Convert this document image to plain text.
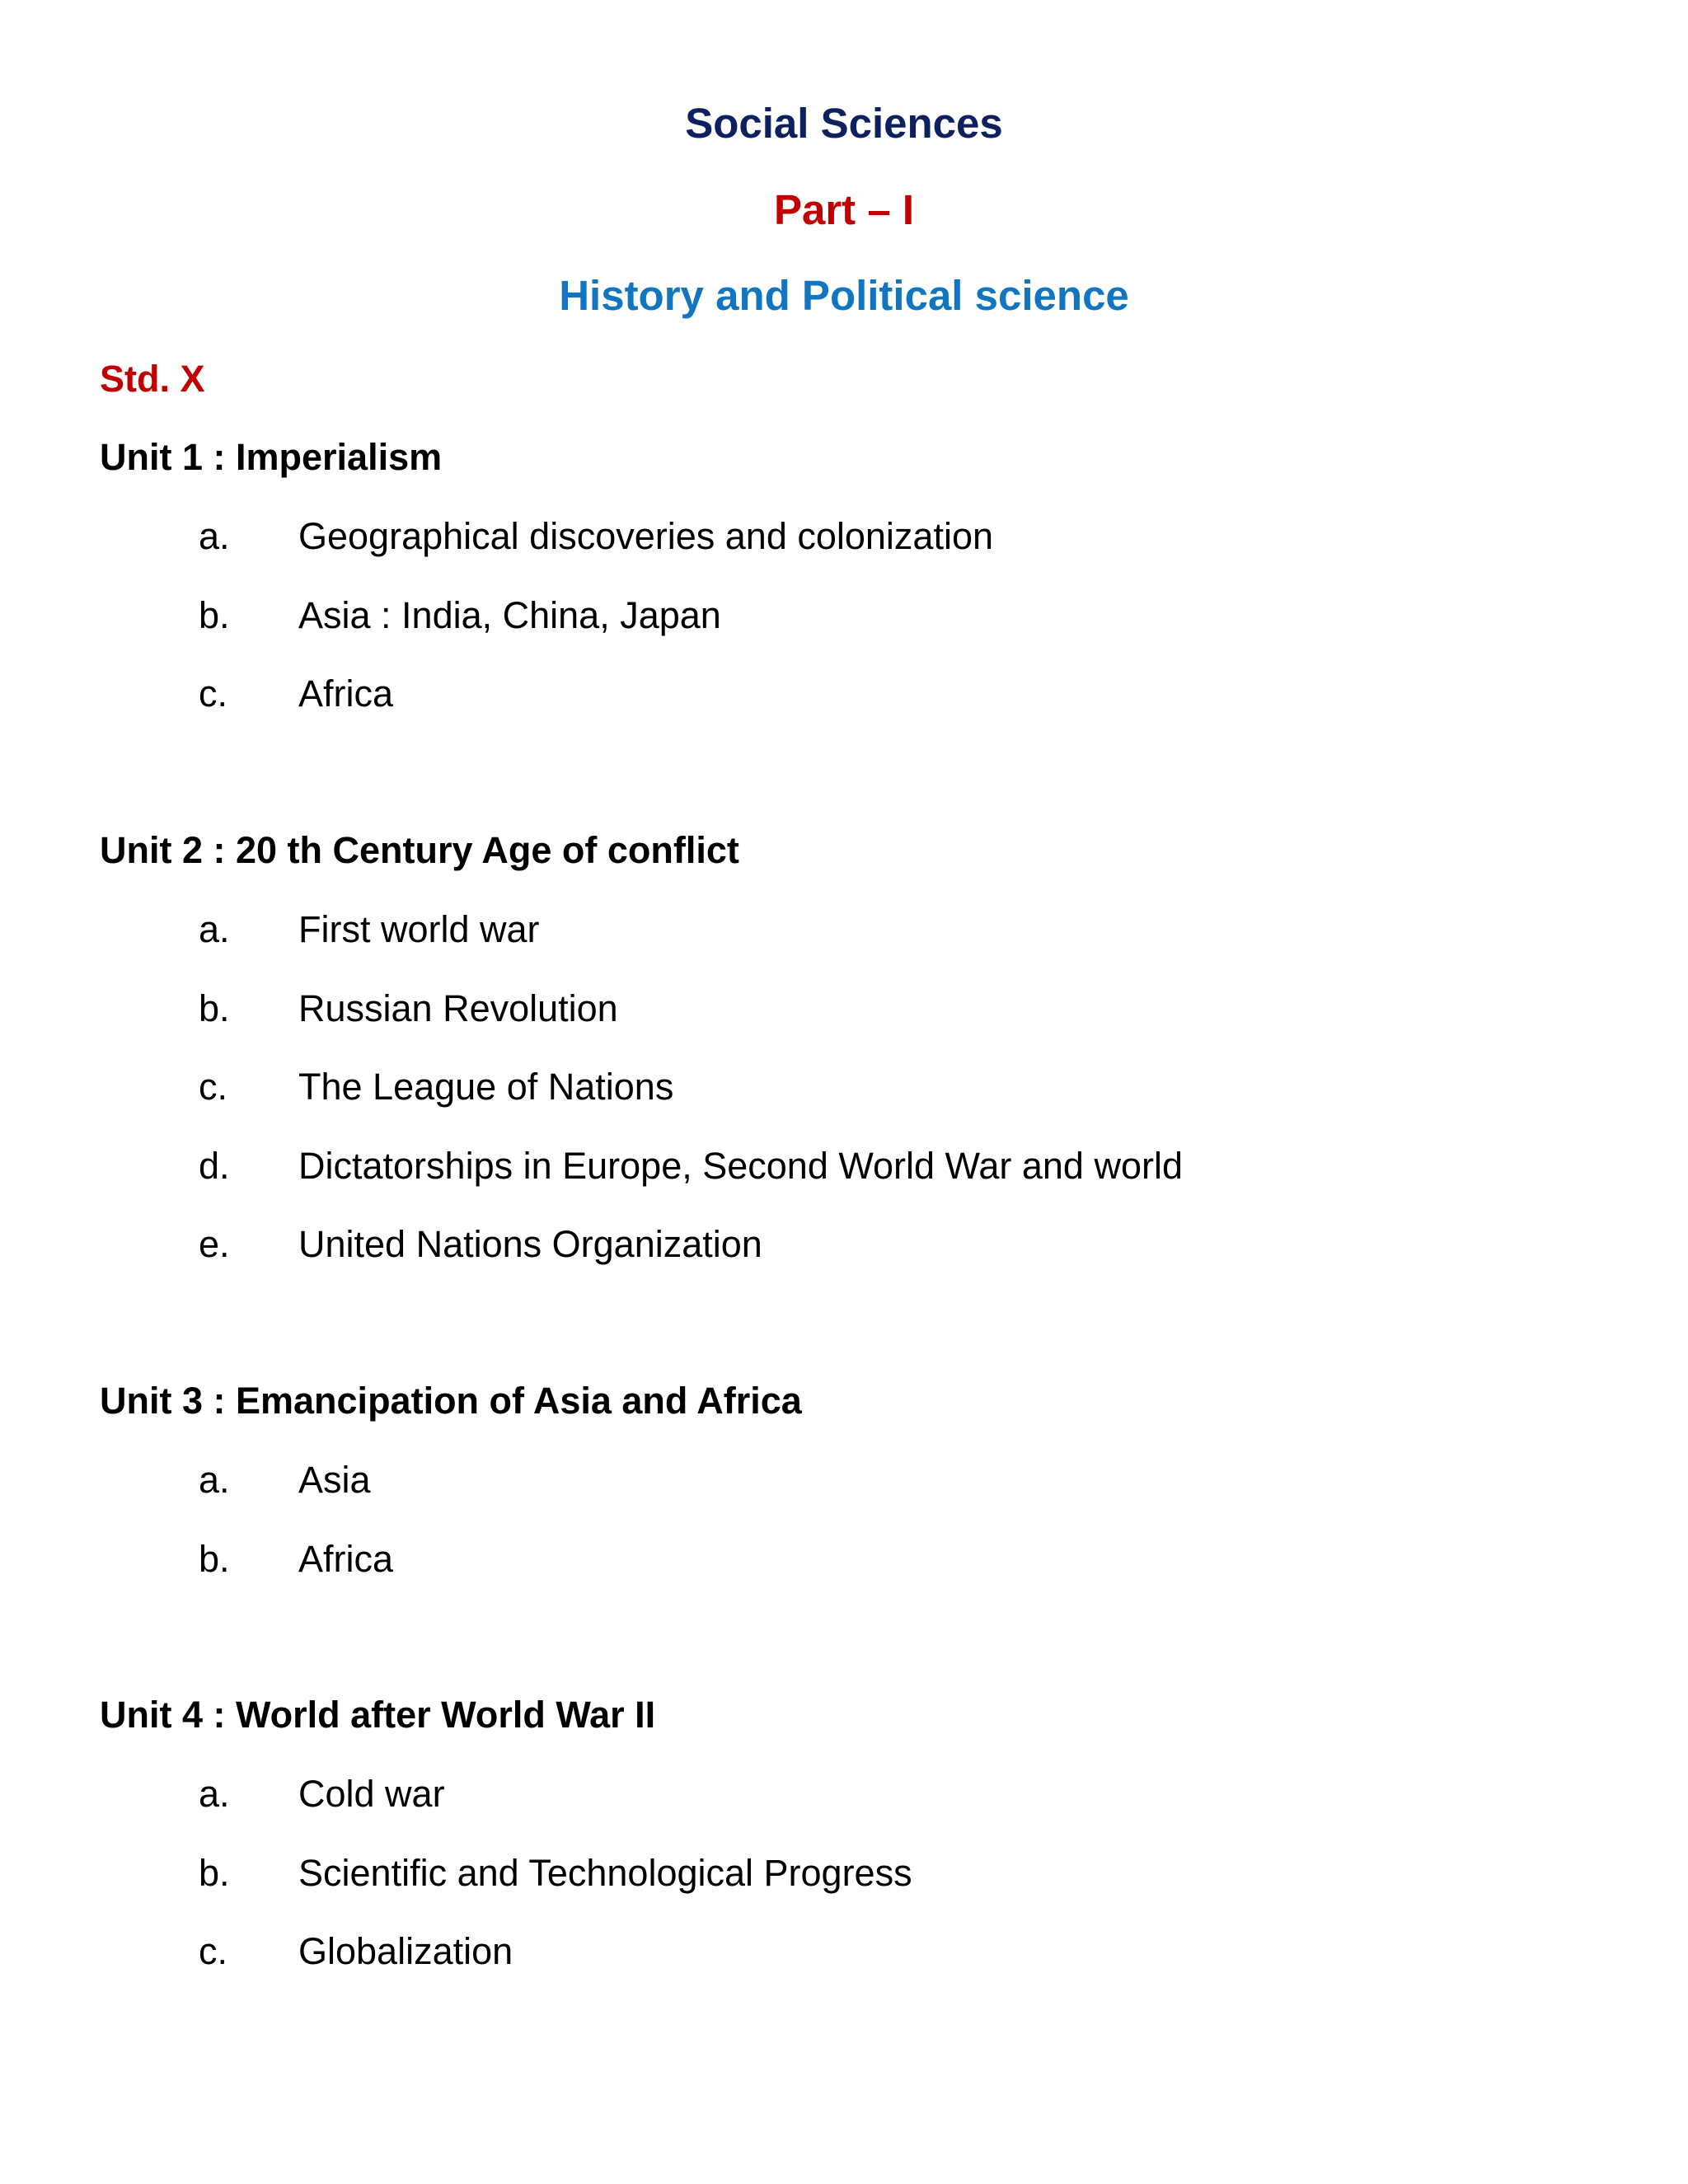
Social Sciences
Part – I
History and Political science
Std. X
Unit 1 : Imperialism
a. Geographical discoveries and colonization
b. Asia : India, China, Japan
c. Africa
Unit 2 : 20 th Century Age of conflict
a. First world war
b. Russian Revolution
c. The League of Nations
d. Dictatorships in Europe, Second World War and world
e. United Nations Organization
Unit 3 : Emancipation of Asia and Africa
a. Asia
b. Africa
Unit 4 : World after World War II
a. Cold war
b. Scientific and Technological Progress
c. Globalization
